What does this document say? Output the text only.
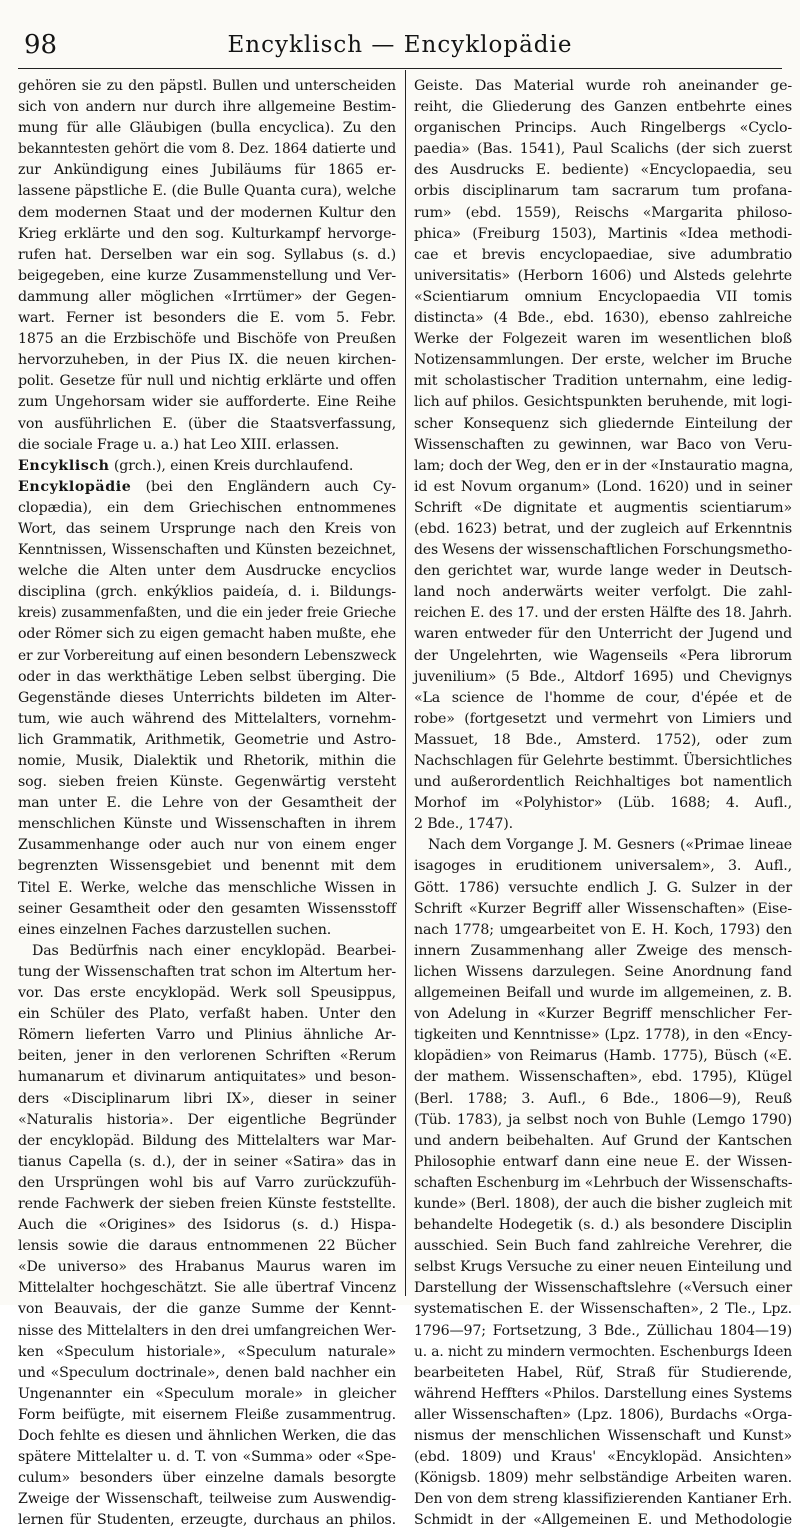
98	Encyklisch — Encyklopädie
gehören sie zu den päpstl. Bullen und unterscheiden
sich von andern nur durch ihre allgemeine Bestim-
mung für alle Gläubigen (bulla encyclica). Zu den
bekanntesten gehört die vom 8. Dez. 1864 datierte und
zur Ankündigung eines Jubiläums für 1865 er-
lassene päpstliche E. (die Bulle Quanta cura), welche
dem modernen Staat und der modernen Kultur den
Krieg erklärte und den sog. Kulturkampf hervorge-
rufen hat. Derselben war ein sog. Syllabus (s. d.)
beigegeben, eine kurze Zusammenstellung und Ver-
dammung aller möglichen «Irrtümer» der Gegen-
wart. Ferner ist besonders die E. vom 5. Febr.
1875 an die Erzbischöfe und Bischöfe von Preußen
hervorzuheben, in der Pius IX. die neuen kirchen-
polit. Gesetze für null und nichtig erklärte und offen
zum Ungehorsam wider sie aufforderte. Eine Reihe
von ausführlichen E. (über die Staatsverfassung,
die sociale Frage u. a.) hat Leo XIII. erlassen.
Encyklisch (grch.), einen Kreis durchlaufend.
Encyklopädie (bei den Engländern auch Cy-
clopædia), ein dem Griechischen entnommenes
Wort, das seinem Ursprunge nach den Kreis von
Kenntnissen, Wissenschaften und Künsten bezeichnet,
welche die Alten unter dem Ausdrucke encyclios
disciplina (grch. enkýklios paideía, d. i. Bildungs-
kreis) zusammenfaßten, und die ein jeder freie Grieche
oder Römer sich zu eigen gemacht haben mußte, ehe
er zur Vorbereitung auf einen besondern Lebenszweck
oder in das werkthätige Leben selbst überging. Die
Gegenstände dieses Unterrichts bildeten im Alter-
tum, wie auch während des Mittelalters, vornehm-
lich Grammatik, Arithmetik, Geometrie und Astro-
nomie, Musik, Dialektik und Rhetorik, mithin die
sog. sieben freien Künste. Gegenwärtig versteht
man unter E. die Lehre von der Gesamtheit der
menschlichen Künste und Wissenschaften in ihrem
Zusammenhange oder auch nur von einem enger
begrenzten Wissensgebiet und benennt mit dem
Titel E. Werke, welche das menschliche Wissen in
seiner Gesamtheit oder den gesamten Wissensstoff
eines einzelnen Faches darzustellen suchen.
Das Bedürfnis nach einer encyklopäd. Bearbei-
tung der Wissenschaften trat schon im Altertum her-
vor. Das erste encyklopäd. Werk soll Speusippus,
ein Schüler des Plato, verfaßt haben. Unter den
Römern lieferten Varro und Plinius ähnliche Ar-
beiten, jener in den verlorenen Schriften «Rerum
humanarum et divinarum antiquitates» und beson-
ders «Disciplinarum libri IX», dieser in seiner
«Naturalis historia». Der eigentliche Begründer
der encyklopäd. Bildung des Mittelalters war Mar-
tianus Capella (s. d.), der in seiner «Satira» das in
den Ursprüngen wohl bis auf Varro zurückzufüh-
rende Fachwerk der sieben freien Künste feststellte.
Auch die «Origines» des Isidorus (s. d.) Hispa-
lensis sowie die daraus entnommenen 22 Bücher
«De universo» des Hrabanus Maurus waren im
Mittelalter hochgeschätzt. Sie alle übertraf Vincenz
von Beauvais, der die ganze Summe der Kennt-
nisse des Mittelalters in den drei umfangreichen Wer-
ken «Speculum historiale», «Speculum naturale»
und «Speculum doctrinale», denen bald nachher ein
Ungenannter ein «Speculum morale» in gleicher
Form beifügte, mit eisernem Fleiße zusammentrug.
Doch fehlte es diesen und ähnlichen Werken, die das
spätere Mittelalter u. d. T. von «Summa» oder «Spe-
culum» besonders über einzelne damals besorgte
Zweige der Wissenschaft, teilweise zum Auswendig-
lernen für Studenten, erzeugte, durchaus an philos.
Geiste. Das Material wurde roh aneinander ge-
reiht, die Gliederung des Ganzen entbehrte eines
organischen Princips. Auch Ringelbergs «Cyclo-
paedia» (Bas. 1541), Paul Scalichs (der sich zuerst
des Ausdrucks E. bediente) «Encyclopaedia, seu
orbis disciplinarum tam sacrarum tum profana-
rum» (ebd. 1559), Reischs «Margarita philoso-
phica» (Freiburg 1503), Martinis «Idea methodi-
cae et brevis encyclopaediae, sive adumbratio
universitatis» (Herborn 1606) und Alsteds gelehrte
«Scientiarum omnium Encyclopaedia VII tomis
distincta» (4 Bde., ebd. 1630), ebenso zahlreiche
Werke der Folgezeit waren im wesentlichen bloß
Notizensammlungen. Der erste, welcher im Bruche
mit scholastischer Tradition unternahm, eine ledig-
lich auf philos. Gesichtspunkten beruhende, mit logi-
scher Konsequenz sich gliedernde Einteilung der
Wissenschaften zu gewinnen, war Baco von Veru-
lam; doch der Weg, den er in der «Instauratio magna,
id est Novum organum» (Lond. 1620) und in seiner
Schrift «De dignitate et augmentis scientiarum»
(ebd. 1623) betrat, und der zugleich auf Erkenntnis
des Wesens der wissenschaftlichen Forschungsmetho-
den gerichtet war, wurde lange weder in Deutsch-
land noch anderwärts weiter verfolgt. Die zahl-
reichen E. des 17. und der ersten Hälfte des 18. Jahrh.
waren entweder für den Unterricht der Jugend und
der Ungelehrten, wie Wagenseils «Pera librorum
juvenilium» (5 Bde., Altdorf 1695) und Chevignys
«La science de l'homme de cour, d'épée et de
robe» (fortgesetzt und vermehrt von Limiers und
Massuet, 18 Bde., Amsterd. 1752), oder zum
Nachschlagen für Gelehrte bestimmt. Übersichtliches
und außerordentlich Reichhaltiges bot namentlich
Morhof im «Polyhistor» (Lüb. 1688; 4. Aufl.,
2 Bde., 1747).
Nach dem Vorgange J. M. Gesners («Primae lineae
isagoges in eruditionem universalem», 3. Aufl.,
Gött. 1786) versuchte endlich J. G. Sulzer in der
Schrift «Kurzer Begriff aller Wissenschaften» (Eise-
nach 1778; umgearbeitet von E. H. Koch, 1793) den
innern Zusammenhang aller Zweige des mensch-
lichen Wissens darzulegen. Seine Anordnung fand
allgemeinen Beifall und wurde im allgemeinen, z. B.
von Adelung in «Kurzer Begriff menschlicher Fer-
tigkeiten und Kenntnisse» (Lpz. 1778), in den «Ency-
klopädien» von Reimarus (Hamb. 1775), Büsch («E.
der mathem. Wissenschaften», ebd. 1795), Klügel
(Berl. 1788; 3. Aufl., 6 Bde., 1806—9), Reuß
(Tüb. 1783), ja selbst noch von Buhle (Lemgo 1790)
und andern beibehalten. Auf Grund der Kantschen
Philosophie entwarf dann eine neue E. der Wissen-
schaften Eschenburg im «Lehrbuch der Wissenschafts-
kunde» (Berl. 1808), der auch die bisher zugleich mit
behandelte Hodegetik (s. d.) als besondere Disciplin
ausschied. Sein Buch fand zahlreiche Verehrer, die
selbst Krugs Versuche zu einer neuen Einteilung und
Darstellung der Wissenschaftslehre («Versuch einer
systematischen E. der Wissenschaften», 2 Tle., Lpz.
1796—97; Fortsetzung, 3 Bde., Züllichau 1804—19)
u. a. nicht zu mindern vermochten. Eschenburgs Ideen
bearbeiteten Habel, Rüf, Straß für Studierende,
während Heffters «Philos. Darstellung eines Systems
aller Wissenschaften» (Lpz. 1806), Burdachs «Orga-
nismus der menschlichen Wissenschaft und Kunst»
(ebd. 1809) und Kraus' «Encyklopäd. Ansichten»
(Königsb. 1809) mehr selbständige Arbeiten waren.
Den von dem streng klassifizierenden Kantianer Erh.
Schmidt in der «Allgemeinen E. und Methodologie
